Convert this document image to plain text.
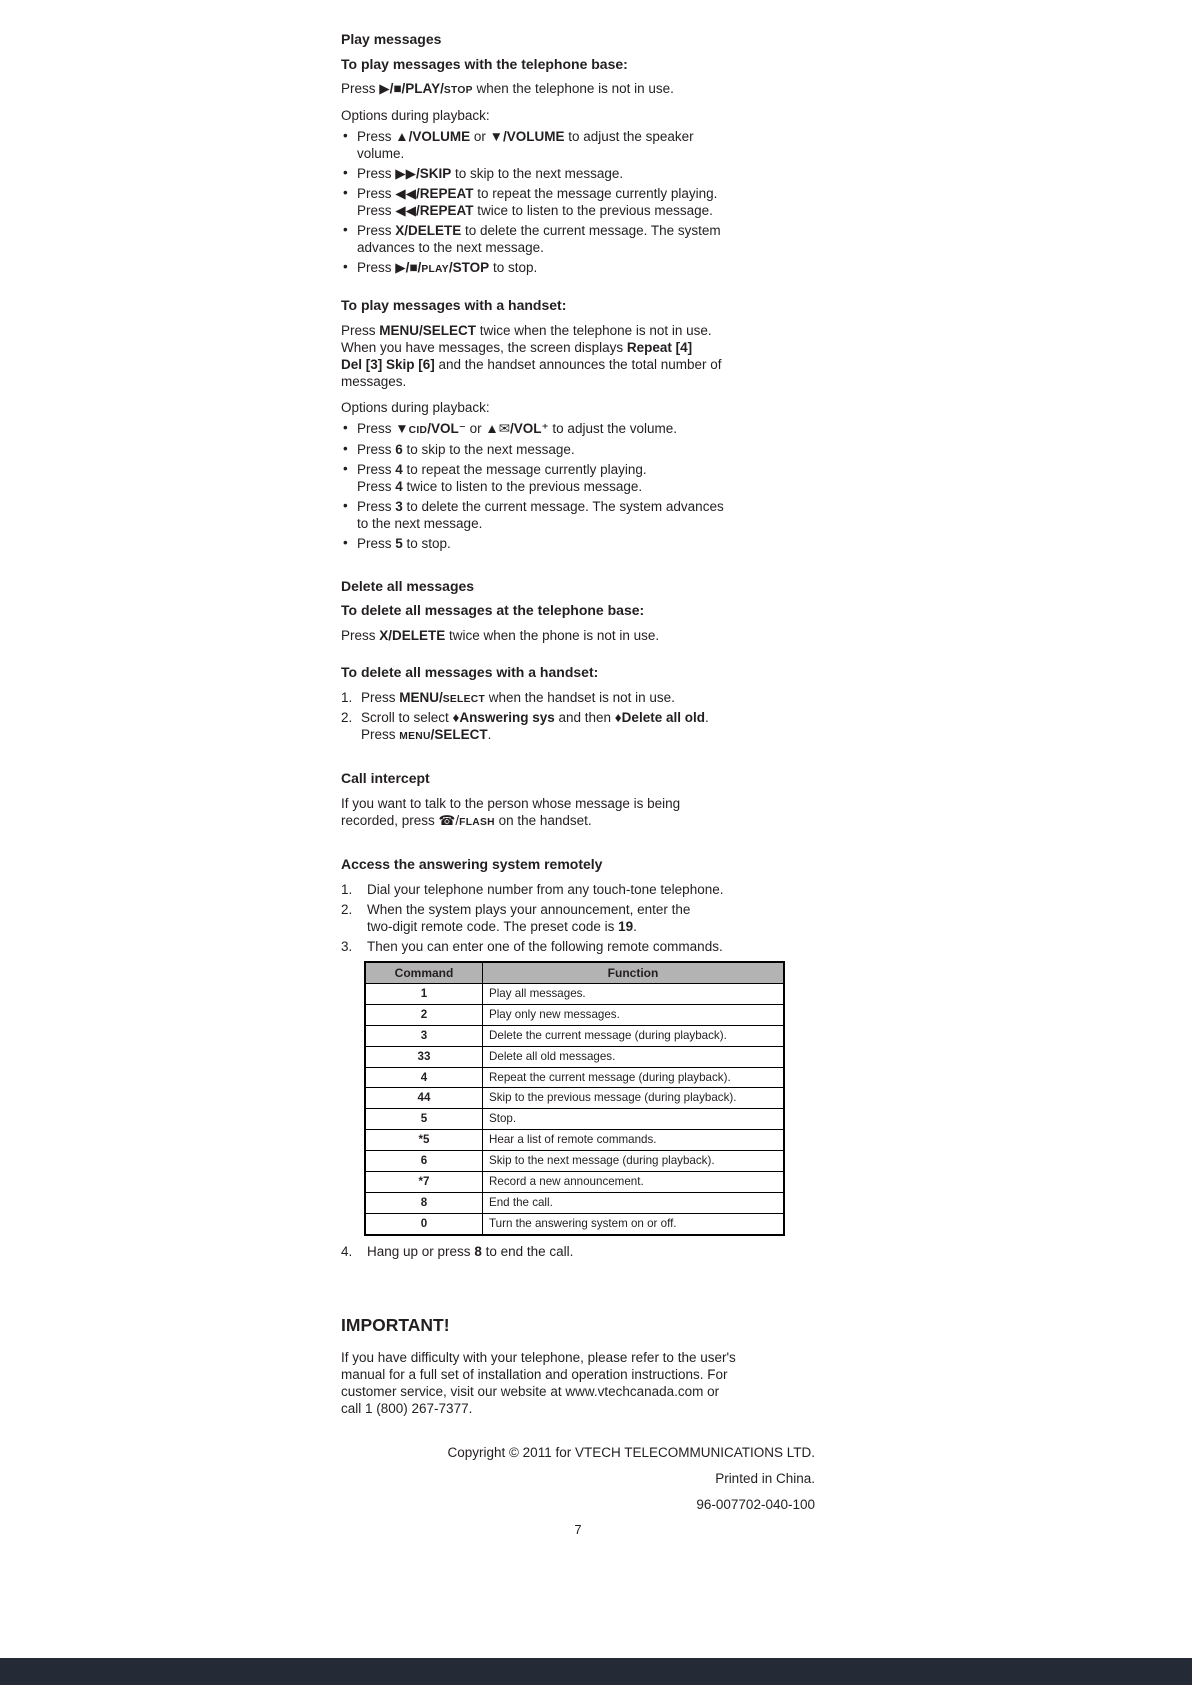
Play messages
To play messages with the telephone base:
Press ▶/■/PLAY/STOP when the telephone is not in use.
Options during playback:
• Press ▲/VOLUME or ▼/VOLUME to adjust the speaker
volume.
• Press ▶▶/SKIP to skip to the next message.
• Press ◀◀/REPEAT to repeat the message currently playing.
Press ◀◀/REPEAT twice to listen to the previous message.
• Press X/DELETE to delete the current message. The system
advances to the next message.
• Press ▶/■/PLAY/STOP to stop.
To play messages with a handset:
Press MENU/SELECT twice when the telephone is not in use.
When you have messages, the screen displays Repeat [4]
Del [3] Skip [6] and the handset announces the total number of
messages.
Options during playback:
• Press ▼CID/VOL⁻ or ▲✉/VOL⁺ to adjust the volume.
• Press 6 to skip to the next message.
• Press 4 to repeat the message currently playing.
Press 4 twice to listen to the previous message.
• Press 3 to delete the current message. The system advances
to the next message.
• Press 5 to stop.
Delete all messages
To delete all messages at the telephone base:
Press X/DELETE twice when the phone is not in use.
To delete all messages with a handset:
1. Press MENU/SELECT when the handset is not in use.
2. Scroll to select ♦Answering sys and then ♦Delete all old.
Press MENU/SELECT.
Call intercept
If you want to talk to the person whose message is being
recorded, press ☎/FLASH on the handset.
Access the answering system remotely
1.	Dial your telephone number from any touch-tone telephone.
2.	When the system plays your announcement, enter the
two-digit remote code. The preset code is 19.
3.	Then you can enter one of the following remote commands.
Command	Function
1	Play all messages.
2	Play only new messages.
3	Delete the current message (during playback).
33	Delete all old messages.
4	Repeat the current message (during playback).
44	Skip to the previous message (during playback).
5	Stop.
*5	Hear a list of remote commands.
6	Skip to the next message (during playback).
*7	Record a new announcement.
8	End the call.
0	Turn the answering system on or off.
4.	Hang up or press 8 to end the call.
IMPORTANT!
If you have difficulty with your telephone, please refer to the user's
manual for a full set of installation and operation instructions. For
customer service, visit our website at www.vtechcanada.com or
call 1 (800) 267-7377.
Copyright © 2011 for VTECH TELECOMMUNICATIONS LTD.
Printed in China.
96-007702-040-100
7
